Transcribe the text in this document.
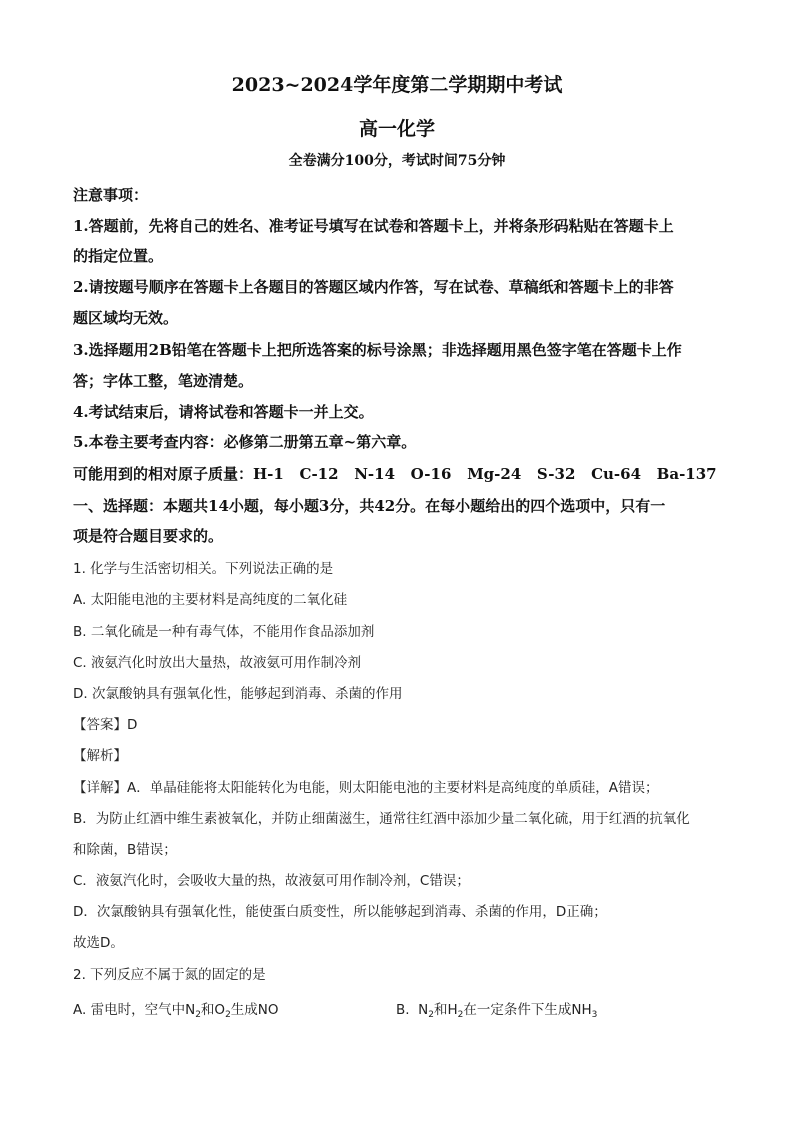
2023~2024学年度第二学期期中考试
高一化学
全卷满分100分，考试时间75分钟
注意事项：
1.答题前，先将自己的姓名、准考证号填写在试卷和答题卡上，并将条形码粘贴在答题卡上
的指定位置。
2.请按题号顺序在答题卡上各题目的答题区域内作答，写在试卷、草稿纸和答题卡上的非答
题区域均无效。
3.选择题用2B铅笔在答题卡上把所选答案的标号涂黑；非选择题用黑色签字笔在答题卡上作
答；字体工整，笔迹清楚。
4.考试结束后，请将试卷和答题卡一并上交。
5.本卷主要考查内容：必修第二册第五章~第六章。
可能用到的相对原子质量：H-1   C-12   N-14   O-16   Mg-24   S-32   Cu-64   Ba-137
一、选择题：本题共14小题，每小题3分，共42分。在每小题给出的四个选项中，只有一
项是符合题目要求的。
1. 化学与生活密切相关。下列说法正确的是
A. 太阳能电池的主要材料是高纯度的二氧化硅
B. 二氧化硫是一种有毒气体，不能用作食品添加剂
C. 液氨汽化时放出大量热，故液氨可用作制冷剂
D. 次氯酸钠具有强氧化性，能够起到消毒、杀菌的作用
【答案】D
【解析】
【详解】A．单晶硅能将太阳能转化为电能，则太阳能电池的主要材料是高纯度的单质硅，A错误；
B．为防止红酒中维生素被氧化，并防止细菌滋生，通常往红酒中添加少量二氧化硫，用于红酒的抗氧化
和除菌，B错误；
C．液氨汽化时，会吸收大量的热，故液氨可用作制冷剂，C错误；
D．次氯酸钠具有强氧化性，能使蛋白质变性，所以能够起到消毒、杀菌的作用，D正确；
故选D。
2. 下列反应不属于氮的固定的是
A. 雷电时，空气中$N_2$和$O_2$生成NO	B.  $N_2$和$H_2$在一定条件下生成$NH_3$
